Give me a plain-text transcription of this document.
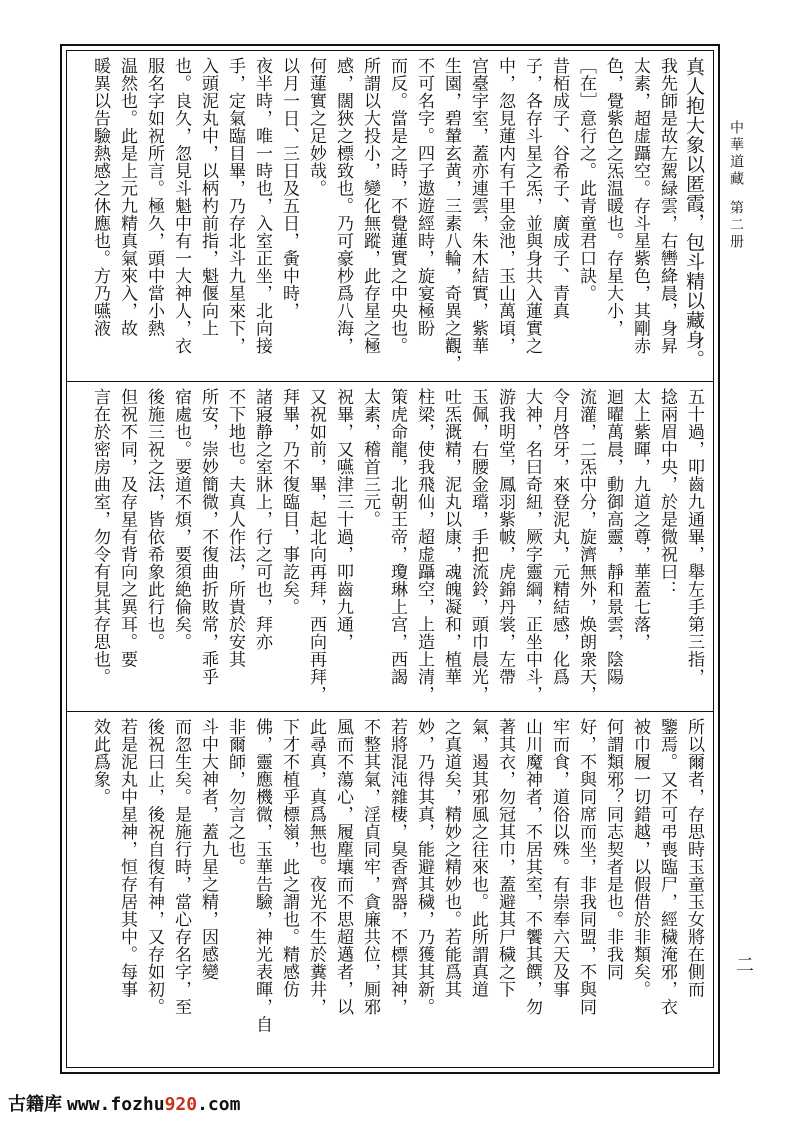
中華道藏第二册
二
真人抱大象以匿霞，包斗精以藏身。
我先師是故左駕緑雲，右轡絳晨，身昇
太素，超虚躡空。存斗星紫色，其剛赤
色，覺紫色之炁温暖也。存星大小，
［在］意行之。此青童君口訣。
昔栢成子、谷希子、廣成子、青真
子，各存斗星之炁，並與身共入蓮實之
中，忽見蓮内有千里金池，玉山萬頃，
宫臺宇室，蓋亦連雲，朱木結實，紫華
生園，碧輦玄黄，三素八輪，奇異之觀，
不可名字。四子遨遊經時，旋宴極盼
而反。當是之時，不覺蓮實之中央也。
所謂以大投小，變化無蹤，此存星之極
感，闊狹之標致也。乃可豪杪爲八海，
何蓮實之足妙哉。
以月一日、三日及五日，夤中時，
夜半時，唯一時也，入室正坐，北向接
手，定氣臨目畢，乃存北斗九星來下，
入頭泥丸中，以柄杓前指，魁偃向上
也。良久，忽見斗魁中有一大神人，衣
服名字如祝所言。極久，頭中當小熱
温然也。此是上元九精真氣來入，故
暖異以告驗熱感之休應也。方乃嚥液
五十過，叩齒九通畢，舉左手第三指，
捻兩眉中央，於是微祝曰：
太上紫暉，九道之尊，華蓋七落，
迴曜萬晨，動御高靈，靜和景雲，陰陽
流灌，二炁中分，旋濟無外，焕朗衆天，
令月啓牙，來登泥丸，元精結感，化爲
大神，名曰奇紐，厥字靈綱，正坐中斗，
游我明堂，鳳羽紫帔，虎錦丹裳，左帶
玉佩，右腰金璫，手把流鈴，頭巾晨光，
吐炁溉精，泥丸以康，魂魄凝和，植華
柱梁，使我飛仙，超虚躡空，上造上清，
策虎命龍，北朝王帝，瓊琳上宫，西謁
太素，稽首三元。
祝畢，又嚥津三十過，叩齒九通，
又祝如前，畢，起北向再拜，西向再拜，
拜畢，乃不復臨目，事訖矣。
諸寢静之室牀上，行之可也，拜亦
不下地也。夫真人作法，所貴於安其
所安，崇妙簡微，不復曲折敗常，乖乎
宿處也。要道不煩，要須絶倫矣。
後施三祝之法，皆依希象此行也。
但祝不同，及存星有背向之異耳。要
言在於密房曲室，勿令有見其存思也。
所以爾者，存思時玉童玉女將在側而
鑒焉。又不可弔喪臨尸，經穢淹邪，衣
被巾履一切錯越，以假借於非類矣。
何謂類邪？同志契者是也。非我同
好，不與同席而坐，非我同盟，不與同
牢而食，道俗以殊。有崇奉六天及事
山川魔神者，不居其室，不饗其饌，勿
著其衣，勿冠其巾，蓋避其尸穢之下
氣，遏其邪風之往來也。此所謂真道
之真道矣，精妙之精妙也。若能爲其
妙，乃得其真，能避其穢，乃獲其新。
若將混沌雜棲，臭香齊器，不標其神，
不整其氣，淫貞同牢，貪廉共位，厠邪
風而不蕩心，履塵壤而不思超邁者，以
此尋真，真爲無也。夜光不生於糞井，
下才不植乎標嶺，此之謂也。精感仿
佛，靈應機微，玉華告驗，神光表暉，自
非爾師，勿言之也。
斗中大神者，蓋九星之精，因感變
而忽生矣。是施行時，當心存名字，至
後祝曰止，後祝自復有神，又存如初。
若是泥丸中星神，恒存居其中。每事
效此爲象。
古籍库 www.fozhu920.com
